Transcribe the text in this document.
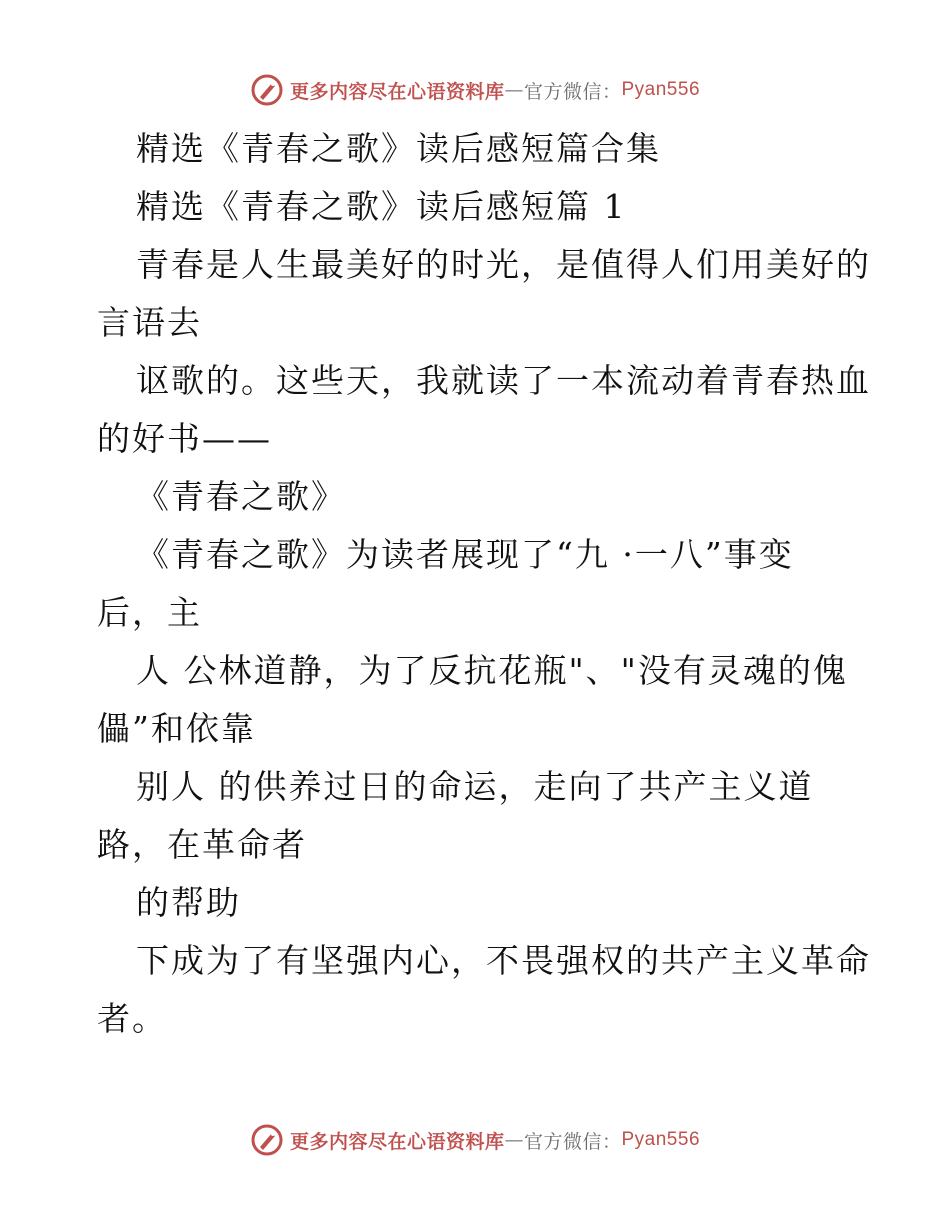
更多内容尽在心语资料库 — 官方微信： Pyan556
精选《青春之歌》读后感短篇合集
精选《青春之歌》读后感短篇 1
青春是人生最美好的时光，是值得人们用美好的
言语去
讴歌的。这些天，我就读了一本流动着青春热血
的好书——
《青春之歌》
《青春之歌》为读者展现了“九 ·一八”事变
后，主
人 公林道静，为了反抗花瓶"、"没有灵魂的傀
儡”和依靠
别人 的供养过日的命运，走向了共产主义道
路，在革命者
的帮助
下成为了有坚强内心，不畏强权的共产主义革命
者。
更多内容尽在心语资料库 — 官方微信： Pyan556
